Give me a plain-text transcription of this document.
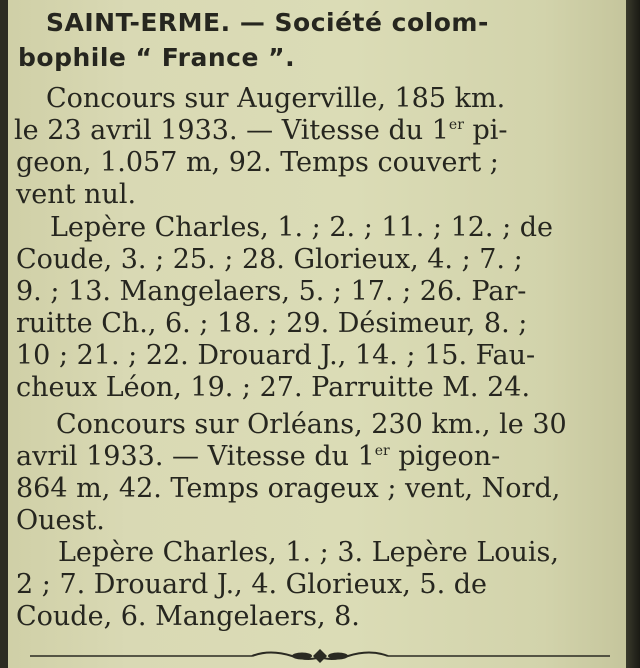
SAINT-ERME. — Société colom-
bophile “ France ”.
Concours sur Augerville, 185 km.
le 23 avril 1933. — Vitesse du 1er pi-
geon, 1.057 m, 92. Temps couvert ;
vent nul.
Lepère Charles, 1. ; 2. ; 11. ; 12. ; de
Coude, 3. ; 25. ; 28. Glorieux, 4. ; 7. ;
9. ; 13. Mangelaers, 5. ; 17. ; 26. Par-
ruitte Ch., 6. ; 18. ; 29. Désimeur, 8. ;
10 ; 21. ; 22. Drouard J., 14. ; 15. Fau-
cheux Léon, 19. ; 27. Parruitte M. 24.
Concours sur Orléans, 230 km., le 30
avril 1933. — Vitesse du 1er pigeon-
864 m, 42. Temps orageux ; vent, Nord,
Ouest.
Lepère Charles, 1. ; 3. Lepère Louis,
2 ; 7. Drouard J., 4. Glorieux, 5. de
Coude, 6. Mangelaers, 8.
